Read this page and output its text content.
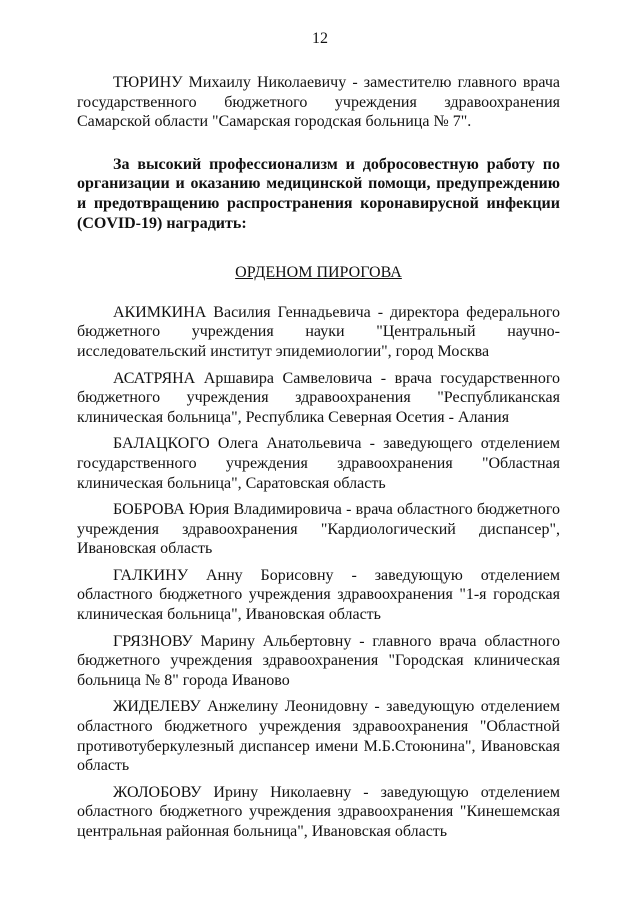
12

ТЮРИНУ Михаилу Николаевичу - заместителю главного врача государственного бюджетного учреждения здравоохранения Самарской области "Самарская городская больница № 7".

За высокий профессионализм и добросовестную работу по организации и оказанию медицинской помощи, предупреждению и предотвращению распространения коронавирусной инфекции (COVID-19) наградить:

ОРДЕНОМ ПИРОГОВА

АКИМКИНА Василия Геннадьевича - директора федерального бюджетного учреждения науки "Центральный научно-исследовательский институт эпидемиологии", город Москва

АСАТРЯНА Аршавира Самвеловича - врача государственного бюджетного учреждения здравоохранения "Республиканская клиническая больница", Республика Северная Осетия - Алания

БАЛАЦКОГО Олега Анатольевича - заведующего отделением государственного учреждения здравоохранения "Областная клиническая больница", Саратовская область

БОБРОВА Юрия Владимировича - врача областного бюджетного учреждения здравоохранения "Кардиологический диспансер", Ивановская область

ГАЛКИНУ Анну Борисовну - заведующую отделением областного бюджетного учреждения здравоохранения "1-я городская клиническая больница", Ивановская область

ГРЯЗНОВУ Марину Альбертовну - главного врача областного бюджетного учреждения здравоохранения "Городская клиническая больница № 8" города Иваново

ЖИДЕЛЕВУ Анжелину Леонидовну - заведующую отделением областного бюджетного учреждения здравоохранения "Областной противотуберкулезный диспансер имени М.Б.Стоюнина", Ивановская область

ЖОЛОБОВУ Ирину Николаевну - заведующую отделением областного бюджетного учреждения здравоохранения "Кинешемская центральная районная больница", Ивановская область
